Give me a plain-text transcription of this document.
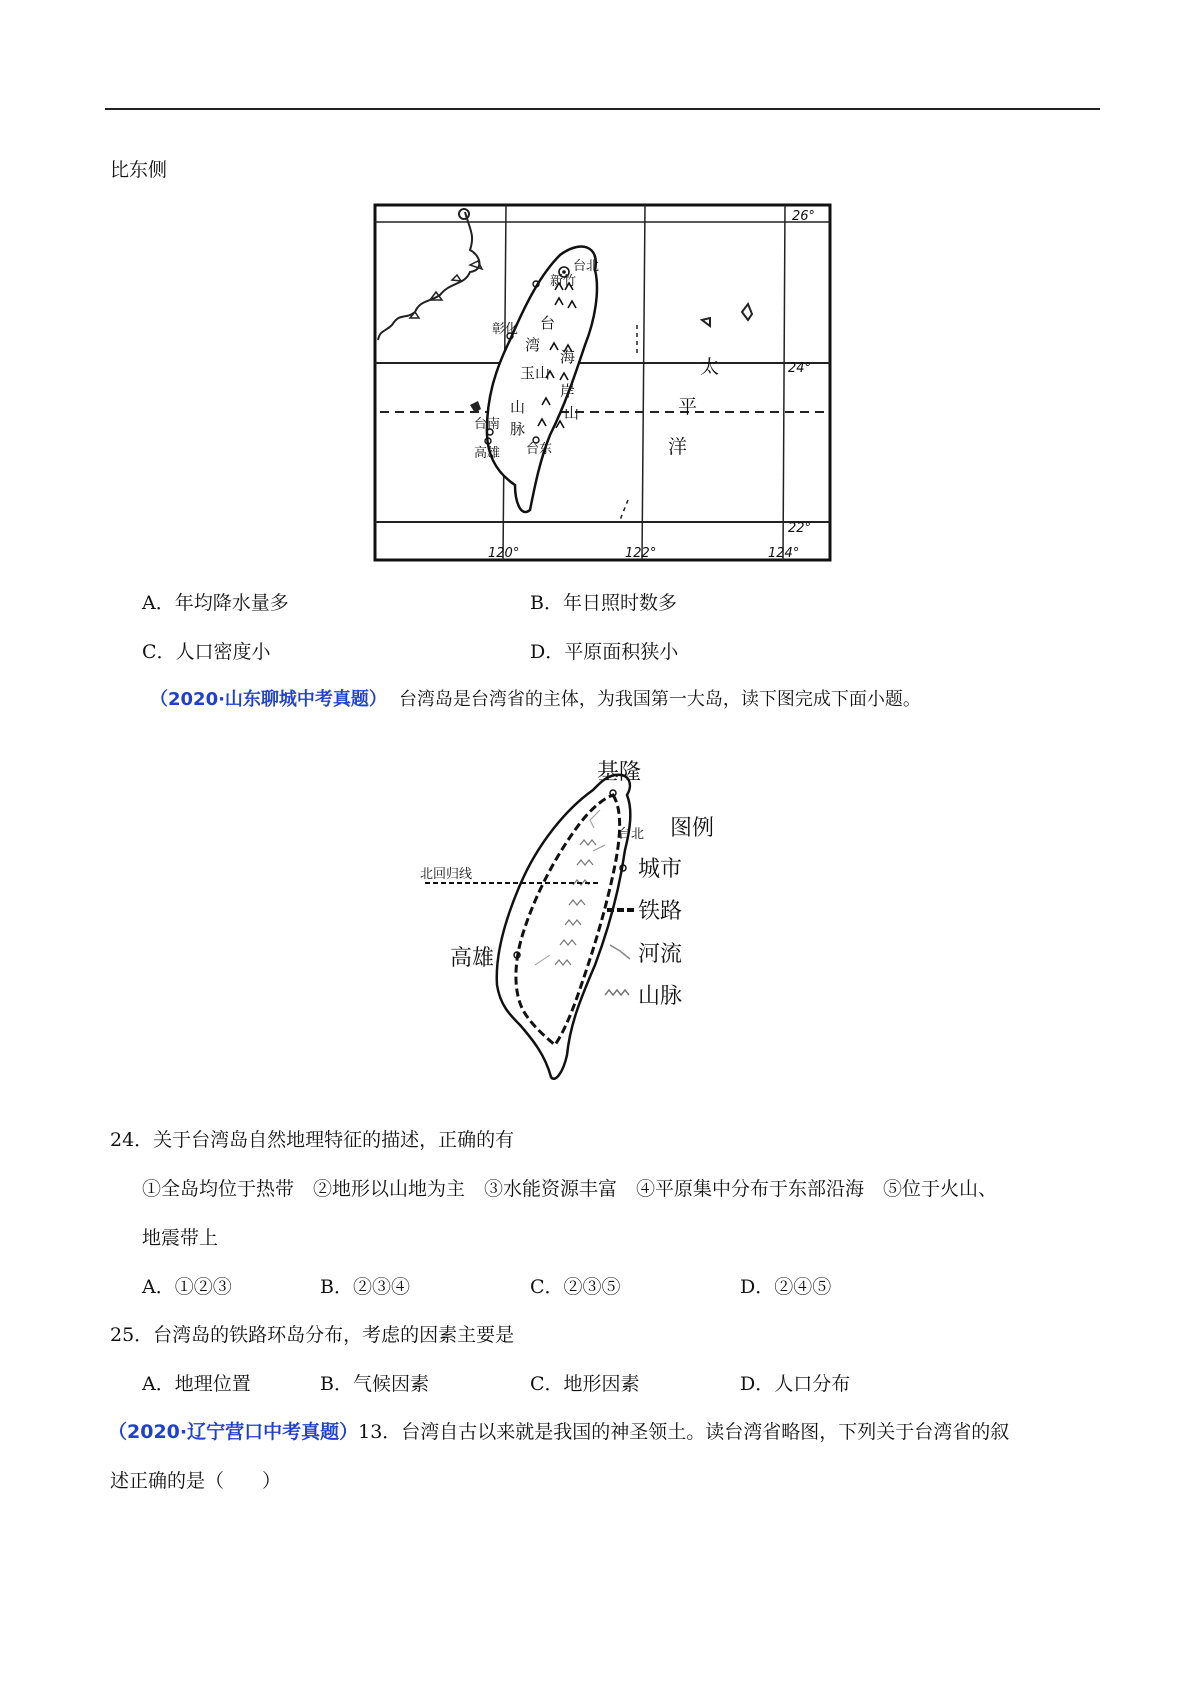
比东侧
新竹
台北
彰化
台南
高雄 台东
玉山
台
湾
山
脉
海
岸
山
太
平
洋
26°
24°
22°
120°	122°	124°
A．年均降水量多	B．年日照时数多
C．人口密度小	D．平原面积狭小
（2020·山东聊城中考真题） 台湾岛是台湾省的主体，为我国第一大岛，读下图完成下面小题。
基隆
高雄
台北 图例
北回归线	城市
铁路
河流
山脉
24．关于台湾岛自然地理特征的描述，正确的有
①全岛均位于热带　②地形以山地为主　③水能资源丰富　④平原集中分布于东部沿海　⑤位于火山、
地震带上
A．①②③	B．②③④	C．②③⑤	D．②④⑤
25．台湾岛的铁路环岛分布，考虑的因素主要是
A．地理位置	B．气候因素	C．地形因素	D．人口分布
（2020·辽宁营口中考真题）13．台湾自古以来就是我国的神圣领土。读台湾省略图，下列关于台湾省的叙
述正确的是（　　）
